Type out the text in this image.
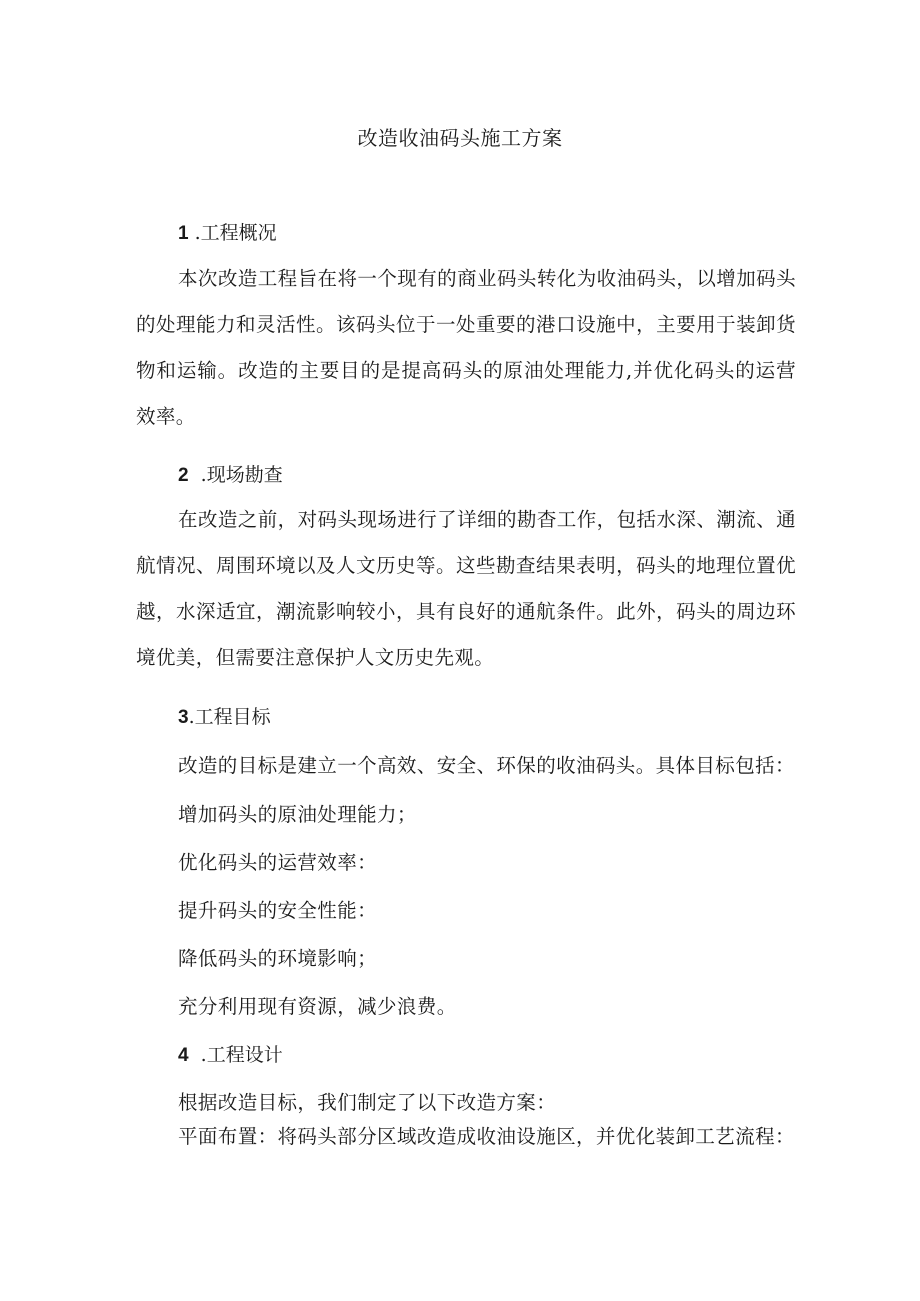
改造收油码头施工方案
1 .工程概况
本次改造工程旨在将一个现有的商业码头转化为收油码头，以增加码头的处理能力和灵活性。该码头位于一处重要的港口设施中，主要用于装卸货物和运输。改造的主要目的是提高码头的原油处理能力,并优化码头的运营效率。
2 .现场勘查
在改造之前，对码头现场进行了详细的勘杳工作，包括水深、潮流、通航情况、周围环境以及人文历史等。这些勘查结果表明，码头的地理位置优越，水深适宜，潮流影响较小，具有良好的通航条件。此外，码头的周边环境优美，但需要注意保护人文历史先观。
3.工程目标
改造的目标是建立一个高效、安全、环保的收油码头。具体目标包括：
增加码头的原油处理能力；
优化码头的运营效率：
提升码头的安全性能：
降低码头的环境影响；
充分利用现有资源，减少浪费。
4 .工程设计
根据改造目标，我们制定了以下改造方案：
平面布置：将码头部分区域改造成收油设施区，并优化装卸工艺流程：
